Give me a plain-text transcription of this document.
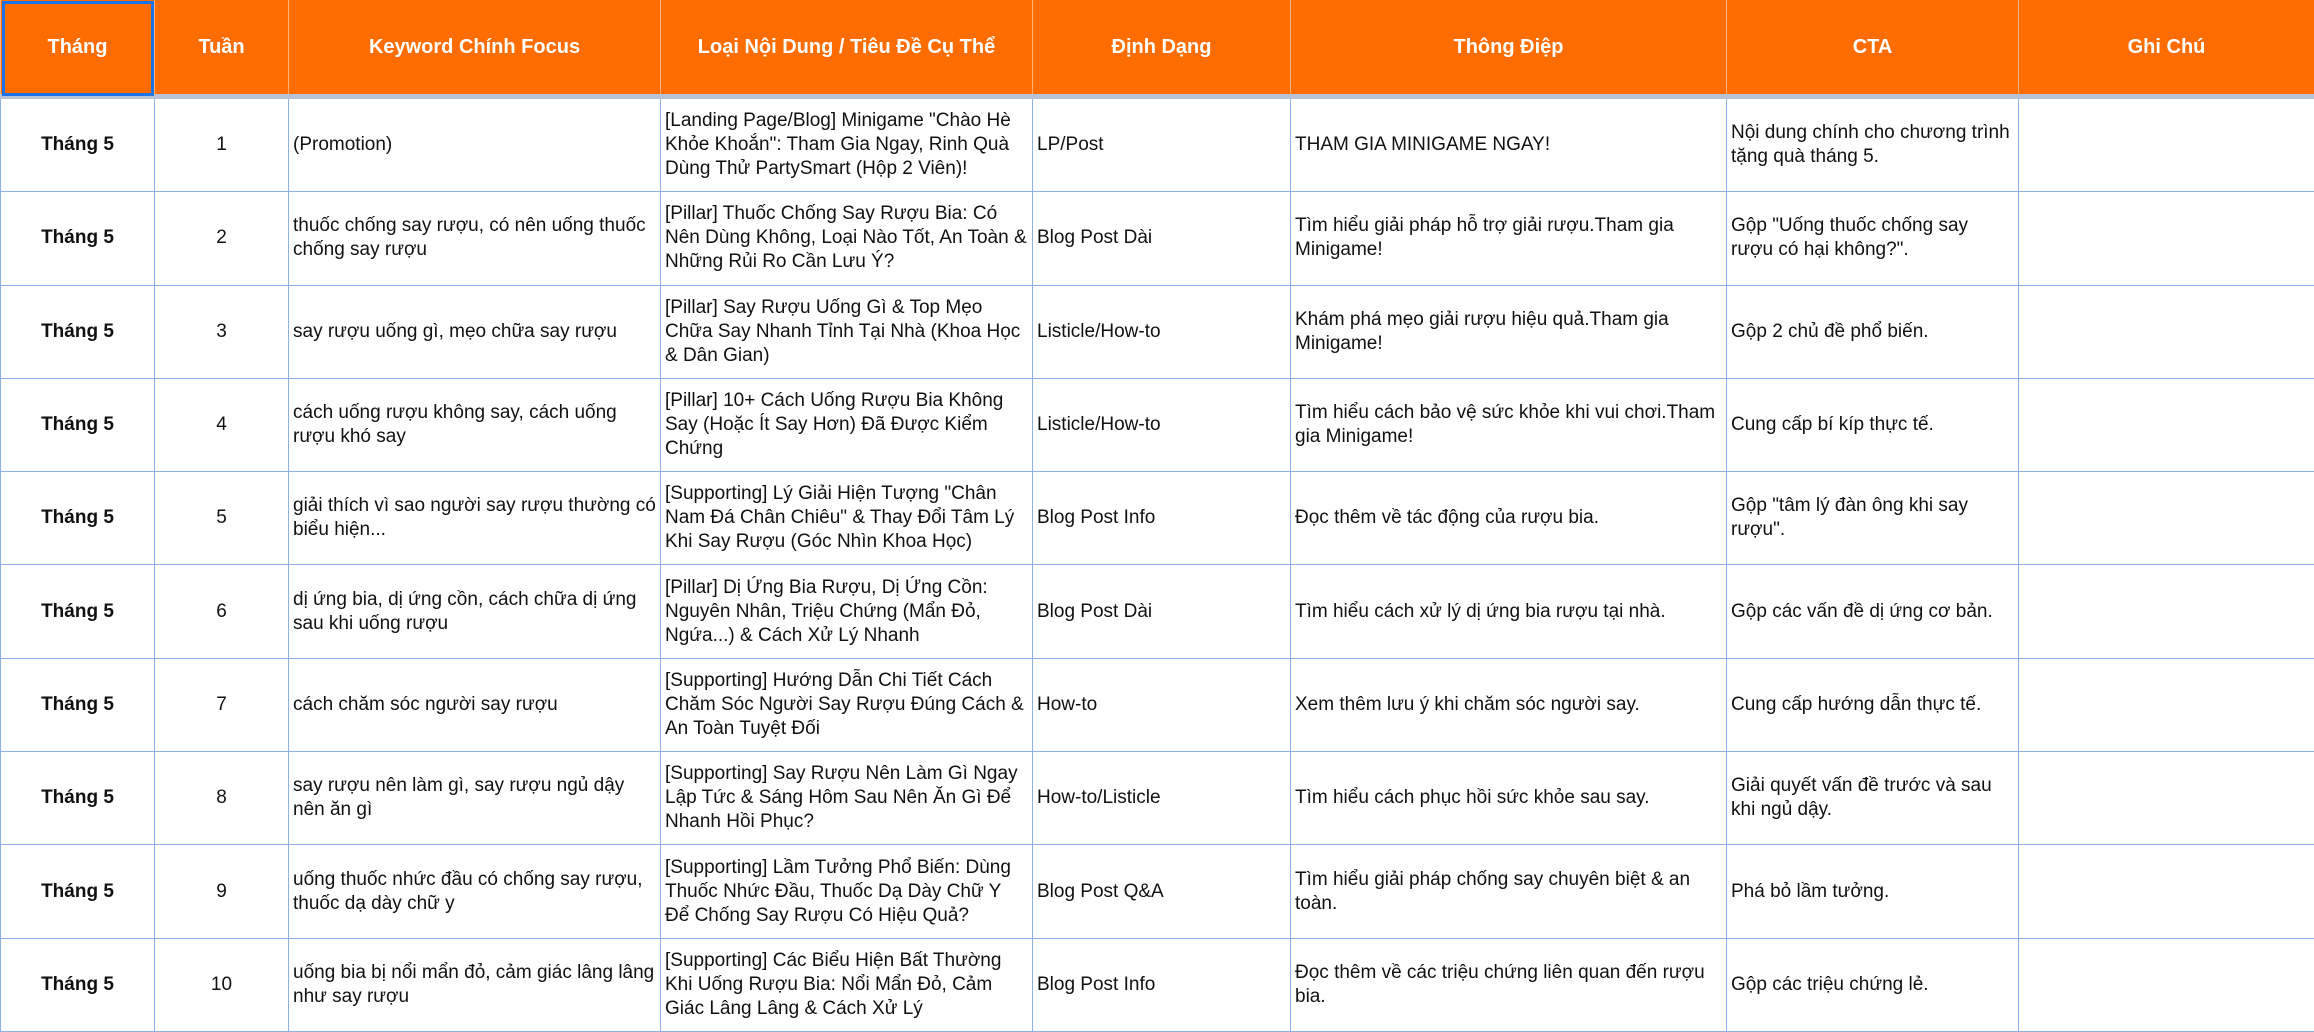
Tháng	Tuần	Keyword Chính Focus	Loại Nội Dung / Tiêu Đề Cụ Thể	Định Dạng	Thông Điệp	CTA	Ghi Chú
Tháng 5	1	(Promotion)	[Landing Page/Blog] Minigame "Chào Hè Khỏe Khoắn": Tham Gia Ngay, Rinh Quà Dùng Thử PartySmart (Hộp 2 Viên)!	LP/Post	THAM GIA MINIGAME NGAY!	Nội dung chính cho chương trình tặng quà tháng 5.	
Tháng 5	2	thuốc chống say rượu, có nên uống thuốc chống say rượu	[Pillar] Thuốc Chống Say Rượu Bia: Có Nên Dùng Không, Loại Nào Tốt, An Toàn & Những Rủi Ro Cần Lưu Ý?	Blog Post Dài	Tìm hiểu giải pháp hỗ trợ giải rượu.Tham gia Minigame!	Gộp "Uống thuốc chống say rượu có hại không?".	
Tháng 5	3	say rượu uống gì, mẹo chữa say rượu	[Pillar] Say Rượu Uống Gì & Top Mẹo Chữa Say Nhanh Tỉnh Tại Nhà (Khoa Học & Dân Gian)	Listicle/How-to	Khám phá mẹo giải rượu hiệu quả.Tham gia Minigame!	Gộp 2 chủ đề phổ biến.	
Tháng 5	4	cách uống rượu không say, cách uống rượu khó say	[Pillar] 10+ Cách Uống Rượu Bia Không Say (Hoặc Ít Say Hơn) Đã Được Kiểm Chứng	Listicle/How-to	Tìm hiểu cách bảo vệ sức khỏe khi vui chơi.Tham gia Minigame!	Cung cấp bí kíp thực tế.	
Tháng 5	5	giải thích vì sao người say rượu thường có biểu hiện...	[Supporting] Lý Giải Hiện Tượng "Chân Nam Đá Chân Chiêu" & Thay Đổi Tâm Lý Khi Say Rượu (Góc Nhìn Khoa Học)	Blog Post Info	Đọc thêm về tác động của rượu bia.	Gộp "tâm lý đàn ông khi say rượu".	
Tháng 5	6	dị ứng bia, dị ứng cồn, cách chữa dị ứng sau khi uống rượu	[Pillar] Dị Ứng Bia Rượu, Dị Ứng Cồn: Nguyên Nhân, Triệu Chứng (Mẩn Đỏ, Ngứa...) & Cách Xử Lý Nhanh	Blog Post Dài	Tìm hiểu cách xử lý dị ứng bia rượu tại nhà.	Gộp các vấn đề dị ứng cơ bản.	
Tháng 5	7	cách chăm sóc người say rượu	[Supporting] Hướng Dẫn Chi Tiết Cách Chăm Sóc Người Say Rượu Đúng Cách & An Toàn Tuyệt Đối	How-to	Xem thêm lưu ý khi chăm sóc người say.	Cung cấp hướng dẫn thực tế.	
Tháng 5	8	say rượu nên làm gì, say rượu ngủ dậy nên ăn gì	[Supporting] Say Rượu Nên Làm Gì Ngay Lập Tức & Sáng Hôm Sau Nên Ăn Gì Để Nhanh Hồi Phục?	How-to/Listicle	Tìm hiểu cách phục hồi sức khỏe sau say.	Giải quyết vấn đề trước và sau khi ngủ dậy.	
Tháng 5	9	uống thuốc nhức đầu có chống say rượu, thuốc dạ dày chữ y	[Supporting] Lầm Tưởng Phổ Biến: Dùng Thuốc Nhức Đầu, Thuốc Dạ Dày Chữ Y Để Chống Say Rượu Có Hiệu Quả?	Blog Post Q&A	Tìm hiểu giải pháp chống say chuyên biệt & an toàn.	Phá bỏ lầm tưởng.	
Tháng 5	10	uống bia bị nổi mẩn đỏ, cảm giác lâng lâng như say rượu	[Supporting] Các Biểu Hiện Bất Thường Khi Uống Rượu Bia: Nổi Mẩn Đỏ, Cảm Giác Lâng Lâng & Cách Xử Lý	Blog Post Info	Đọc thêm về các triệu chứng liên quan đến rượu bia.	Gộp các triệu chứng lẻ.	
